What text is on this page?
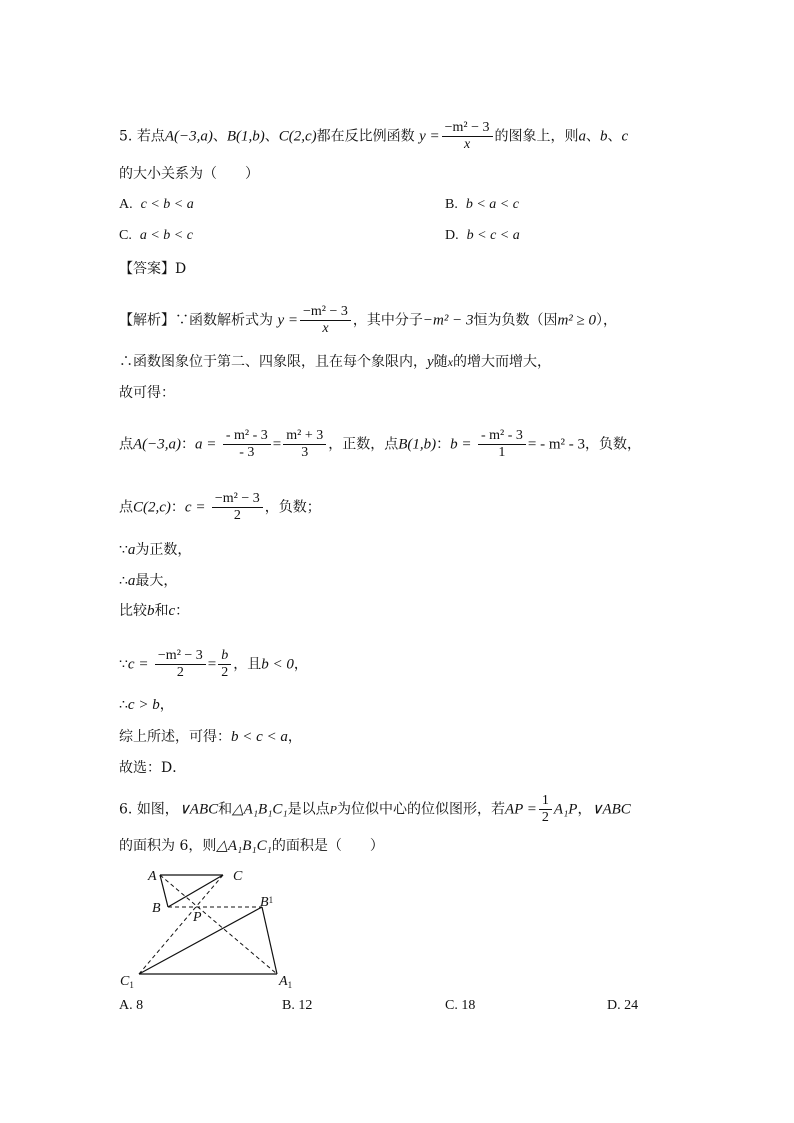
5. 若点A(−3,a)、B(1,b)、C(2,c)都在反比例函数 $y = \frac{\text{−m² − 3}}{x}$ 的图象上，则a、b、c
的大小关系为（　　）
A. c < b < a	B. b < a < c
C. a < b < c	D. b < c < a
【答案】D
【解析】∵函数解析式为 $y = \frac{\text{−m² − 3}}{x}$ ，其中分子−m² − 3恒为负数（因m² ≥ 0），
∴函数图象位于第二、四象限，且在每个象限内，y随x的增大而增大，
故可得：
点A(−3,a)：$a = \frac{\text{- m² - 3}}{- 3} = \frac{\text{m² + 3}}{3}$ ，正数，点B(1,b)：$b = \frac{\text{- m² - 3}}{1}$ = - m² - 3，负数，
点C(2,c)：$c = \frac{\text{−m² − 3}}{2}$ ，负数；
∵a为正数，
∴a最大，
比较b和c：
∵c = $\frac{\text{−m² − 3}}{2} = \frac{b}{2}$ ，且b < 0，
∴c > b，
综上所述，可得：b < c < a，
故选：D．
6. 如图，∨ABC和△A₁B₁C₁是以点P为位似中心的位似图形，若AP = $\frac{1}{2} A_1P$，∨ABC
的面积为 6，则△A₁B₁C₁的面积是（　　）
A
B
C
P
$B^1$
$C_1$	$A_1$
A. 8	B. 12	C. 18	D. 24
